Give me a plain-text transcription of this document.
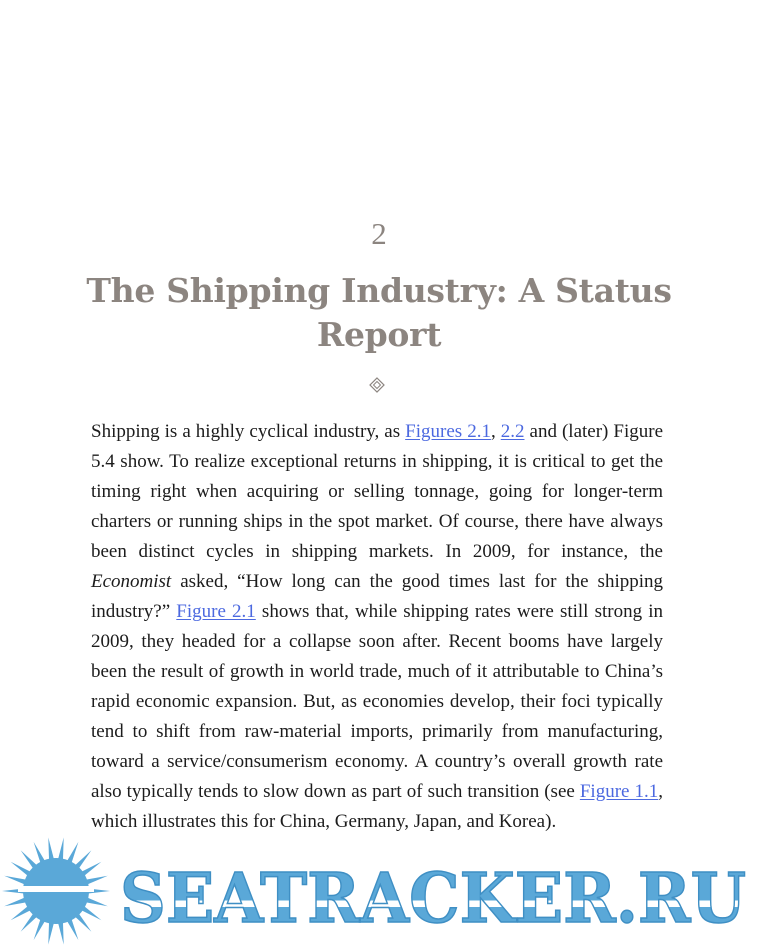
2
The Shipping Industry: A Status Report

Shipping is a highly cyclical industry, as Figures 2.1, 2.2 and (later) Figure 5.4 show. To realize exceptional returns in shipping, it is critical to get the timing right when acquiring or selling tonnage, going for longer-term charters or running ships in the spot market. Of course, there have always been distinct cycles in shipping markets. In 2009, for instance, the Economist asked, “How long can the good times last for the shipping industry?” Figure 2.1 shows that, while shipping rates were still strong in 2009, they headed for a collapse soon after. Recent booms have largely been the result of growth in world trade, much of it attributable to China’s rapid economic expansion. But, as economies develop, their foci typically tend to shift from raw-material imports, primarily from manufacturing, toward a service/consumerism economy. A country’s overall growth rate also typically tends to slow down as part of such transition (see Figure 1.1, which illustrates this for China, Germany, Japan, and Korea).

SEATRACKER.RU
